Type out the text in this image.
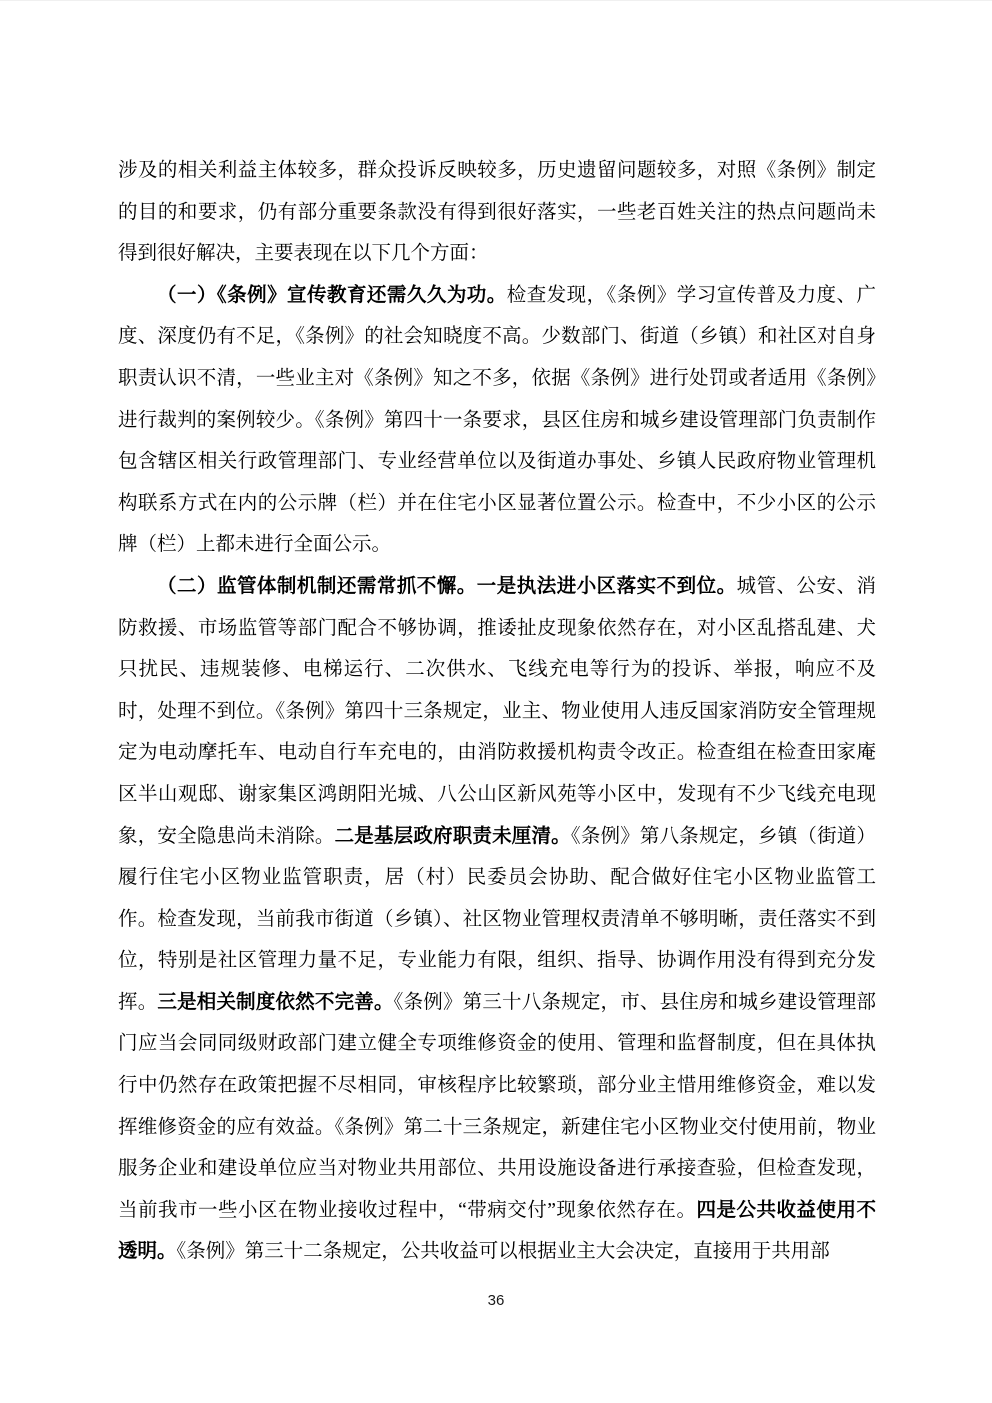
涉及的相关利益主体较多，群众投诉反映较多，历史遗留问题较多，对照《条例》制定的目的和要求，仍有部分重要条款没有得到很好落实，一些老百姓关注的热点问题尚未得到很好解决，主要表现在以下几个方面：

（一）《条例》宣传教育还需久久为功。检查发现，《条例》学习宣传普及力度、广度、深度仍有不足，《条例》的社会知晓度不高。少数部门、街道（乡镇）和社区对自身职责认识不清，一些业主对《条例》知之不多，依据《条例》进行处罚或者适用《条例》进行裁判的案例较少。《条例》第四十一条要求，县区住房和城乡建设管理部门负责制作包含辖区相关行政管理部门、专业经营单位以及街道办事处、乡镇人民政府物业管理机构联系方式在内的公示牌（栏）并在住宅小区显著位置公示。检查中，不少小区的公示牌（栏）上都未进行全面公示。

（二）监管体制机制还需常抓不懈。一是执法进小区落实不到位。城管、公安、消防救援、市场监管等部门配合不够协调，推诿扯皮现象依然存在，对小区乱搭乱建、犬只扰民、违规装修、电梯运行、二次供水、飞线充电等行为的投诉、举报，响应不及时，处理不到位。《条例》第四十三条规定，业主、物业使用人违反国家消防安全管理规定为电动摩托车、电动自行车充电的，由消防救援机构责令改正。检查组在检查田家庵区半山观邸、谢家集区鸿朗阳光城、八公山区新风苑等小区中，发现有不少飞线充电现象，安全隐患尚未消除。二是基层政府职责未厘清。《条例》第八条规定，乡镇（街道）履行住宅小区物业监管职责，居（村）民委员会协助、配合做好住宅小区物业监管工作。检查发现，当前我市街道（乡镇）、社区物业管理权责清单不够明晰，责任落实不到位，特别是社区管理力量不足，专业能力有限，组织、指导、协调作用没有得到充分发挥。三是相关制度依然不完善。《条例》第三十八条规定，市、县住房和城乡建设管理部门应当会同同级财政部门建立健全专项维修资金的使用、管理和监督制度，但在具体执行中仍然存在政策把握不尽相同，审核程序比较繁琐，部分业主惜用维修资金，难以发挥维修资金的应有效益。《条例》第二十三条规定，新建住宅小区物业交付使用前，物业服务企业和建设单位应当对物业共用部位、共用设施设备进行承接查验，但检查发现，当前我市一些小区在物业接收过程中，“带病交付”现象依然存在。四是公共收益使用不透明。《条例》第三十二条规定，公共收益可以根据业主大会决定，直接用于共用部

36
